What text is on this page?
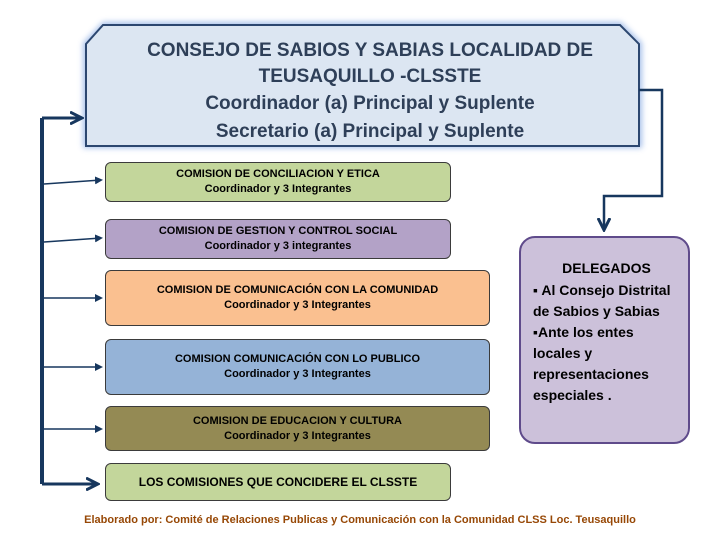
CONSEJO DE SABIOS Y SABIAS LOCALIDAD DE
TEUSAQUILLO -CLSSTE
Coordinador (a) Principal y Suplente
Secretario (a) Principal y Suplente
COMISION DE CONCILIACION Y ETICA
Coordinador y 3 Integrantes
COMISION DE GESTION Y CONTROL SOCIAL
Coordinador y 3 integrantes
COMISION DE COMUNICACIÓN CON LA COMUNIDAD
Coordinador y 3 Integrantes
COMISION COMUNICACIÓN CON LO PUBLICO
Coordinador y 3 Integrantes
COMISION DE EDUCACION Y CULTURA
Coordinador y 3 Integrantes
LOS COMISIONES QUE CONCIDERE EL CLSSTE
DELEGADOS
▪ Al Consejo Distrital de Sabios y Sabias
▪Ante los entes locales y representaciones especiales .
Elaborado por: Comité de Relaciones Publicas y Comunicación con la Comunidad CLSS Loc. Teusaquillo
